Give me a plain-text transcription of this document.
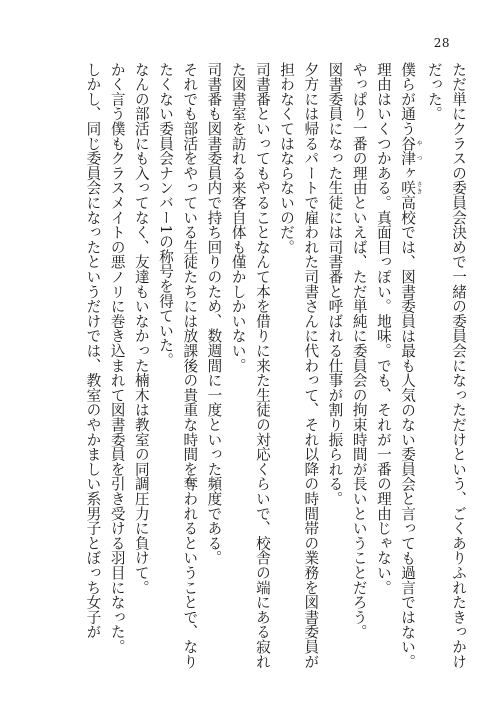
28

ただ単にクラスの委員会決めで一緒の委員会になっただけという、ごくありふれたきっかけだった。

僕らが通う谷津 やつヶ咲 さき高校では、図書委員は最も人気のない委員会と言っても過言ではない。

理由はいくつかある。真面目っぽい。地味。でも、それが一番の理由じゃない。

やっぱり一番の理由といえば、ただ単純に委員会の拘束時間が長いということだろう。

図書委員になった生徒には司書番と呼ばれる仕事が割り振られる。

夕方には帰るパートで雇われた司書さんに代わって、それ以降の時間帯の業務を図書委員が担わなくてはならないのだ。

司書番といってもやることなんて本を借りに来た生徒の対応くらいで、校舎の端にある寂れた図書室を訪れる来客自体も僅かしかいない。

司書番も図書委員内で持ち回りのため、数週間に一度といった頻度である。

それでも部活をやっている生徒たちには放課後の貴重な時間を奪われるということで、なりたくない委員会ナンバー1の称号を得ていた。

なんの部活にも入ってなく、友達もいなかった楠木は教室の同調圧力に負けて。

かく言う僕もクラスメイトの悪ノリに巻き込まれて図書委員を引き受ける羽目になった。

しかし、同じ委員会になったというだけでは、教室のやかましい系男子とぼっち女子が
